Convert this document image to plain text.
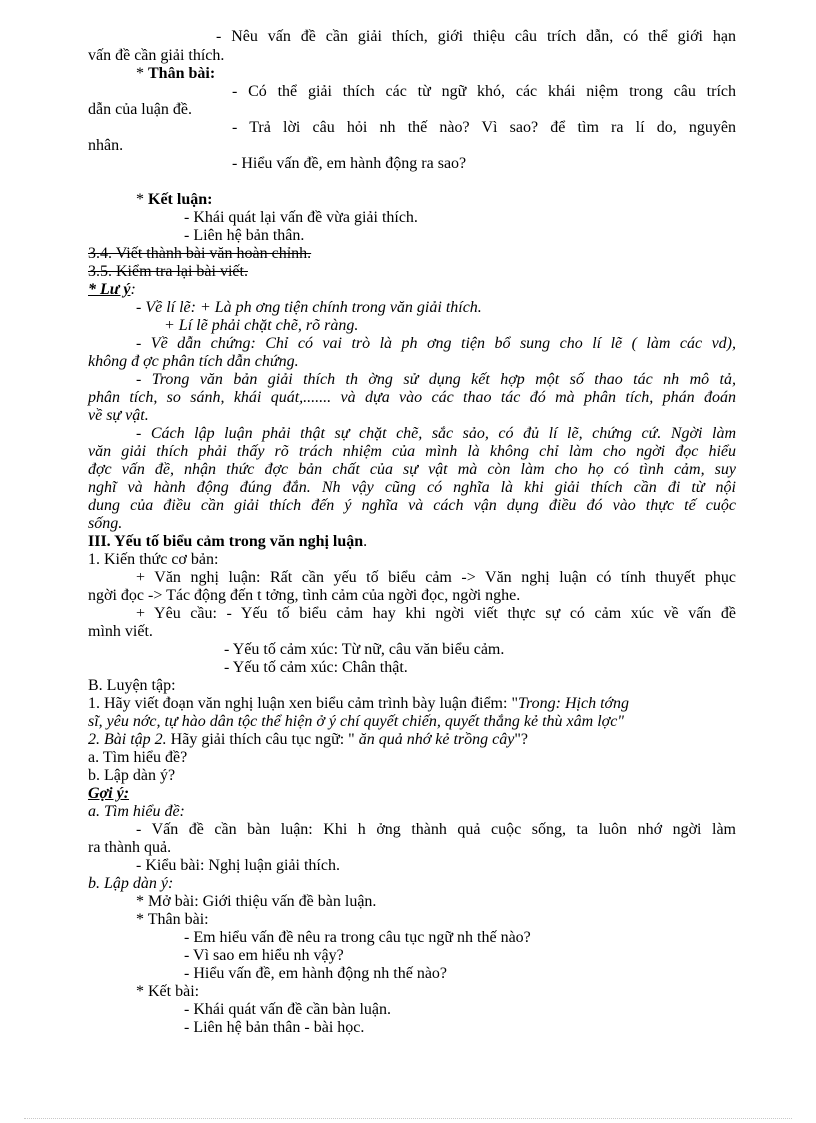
- Nêu vấn đề cần giải thích, giới thiệu câu trích dẫn, có thể giới hạn
vấn đề cần giải thích.
* Thân bài:
- Có thể giải thích các từ ngữ khó, các khái niệm trong câu trích
dẫn của luận đề.
- Trả lời câu hỏi nh thế nào? Vì sao? để tìm ra lí do, nguyên
nhân.
- Hiểu vấn đề, em hành động ra sao?
* Kết luận:
- Khái quát lại vấn đề vừa giải thích.
- Liên hệ bản thân.
3.4. Viết thành bài văn hoàn chỉnh.
3.5. Kiểm tra lại bài viết.
* Lư ý:
- Về lí lẽ: + Là ph ơng tiện chính trong văn giải thích.
+ Lí lẽ phải chặt chẽ, rõ ràng.
- Về dẫn chứng: Chỉ có vai trò là ph ơng tiện bổ sung cho lí lẽ ( làm các vd),
không đ ợc phân tích dẫn chứng.
- Trong văn bản giải thích th ờng sử dụng kết hợp một số thao tác nh mô tả,
phân tích, so sánh, khái quát,....... và dựa vào các thao tác đó mà phân tích, phán đoán
về sự vật.
- Cách lập luận phải thật sự chặt chẽ, sắc sảo, có đủ lí lẽ, chứng cứ. Ngời làm
văn giải thích phải thấy rõ trách nhiệm của mình là không chỉ làm cho ngời đọc hiểu
đợc vấn đề, nhận thức đợc bản chất của sự vật mà còn làm cho họ có tình cảm, suy
nghĩ và hành động đúng đắn. Nh vậy cũng có nghĩa là khi giải thích cần đi từ nội
dung của điều cần giải thích đến ý nghĩa và cách vận dụng điều đó vào thực tế cuộc
sống.
III. Yếu tố biểu cảm trong văn nghị luận.
1. Kiến thức cơ bản:
+ Văn nghị luận: Rất cần yếu tố biểu cảm -> Văn nghị luận có tính thuyết phục
ngời đọc -> Tác động đến t tởng, tình cảm của ngời đọc, ngời nghe.
+ Yêu cầu: - Yếu tố biểu cảm hay khi ngời viết thực sự có cảm xúc về vấn đề
mình viết.
- Yếu tố cảm xúc: Từ nữ, câu văn biểu cảm.
- Yếu tố cảm xúc: Chân thật.
B. Luyện tập:
1. Hãy viết đoạn văn nghị luận xen biểu cảm trình bày luận điểm: "Trong: Hịch tớng
sĩ, yêu nớc, tự hào dân tộc thể hiện ở ý chí quyết chiến, quyết thắng kẻ thù xâm lợc"
2. Bài tập 2. Hãy giải thích câu tục ngữ: " ăn quả nhớ kẻ trồng cây"?
a. Tìm hiểu đề?
b. Lập dàn ý?
Gợi ý:
a. Tìm hiểu đề:
- Vấn đề cần bàn luận: Khi h ởng thành quả cuộc sống, ta luôn nhớ ngời làm
ra thành quả.
- Kiểu bài: Nghị luận giải thích.
b. Lập dàn ý:
* Mở bài: Giới thiệu vấn đề bàn luận.
* Thân bài:
- Em hiểu vấn đề nêu ra trong câu tục ngữ nh thế nào?
- Vì sao em hiểu nh vậy?
- Hiểu vấn đề, em hành động nh thế nào?
* Kết bài:
- Khái quát vấn đề cần bàn luận.
- Liên hệ bản thân - bài học.
